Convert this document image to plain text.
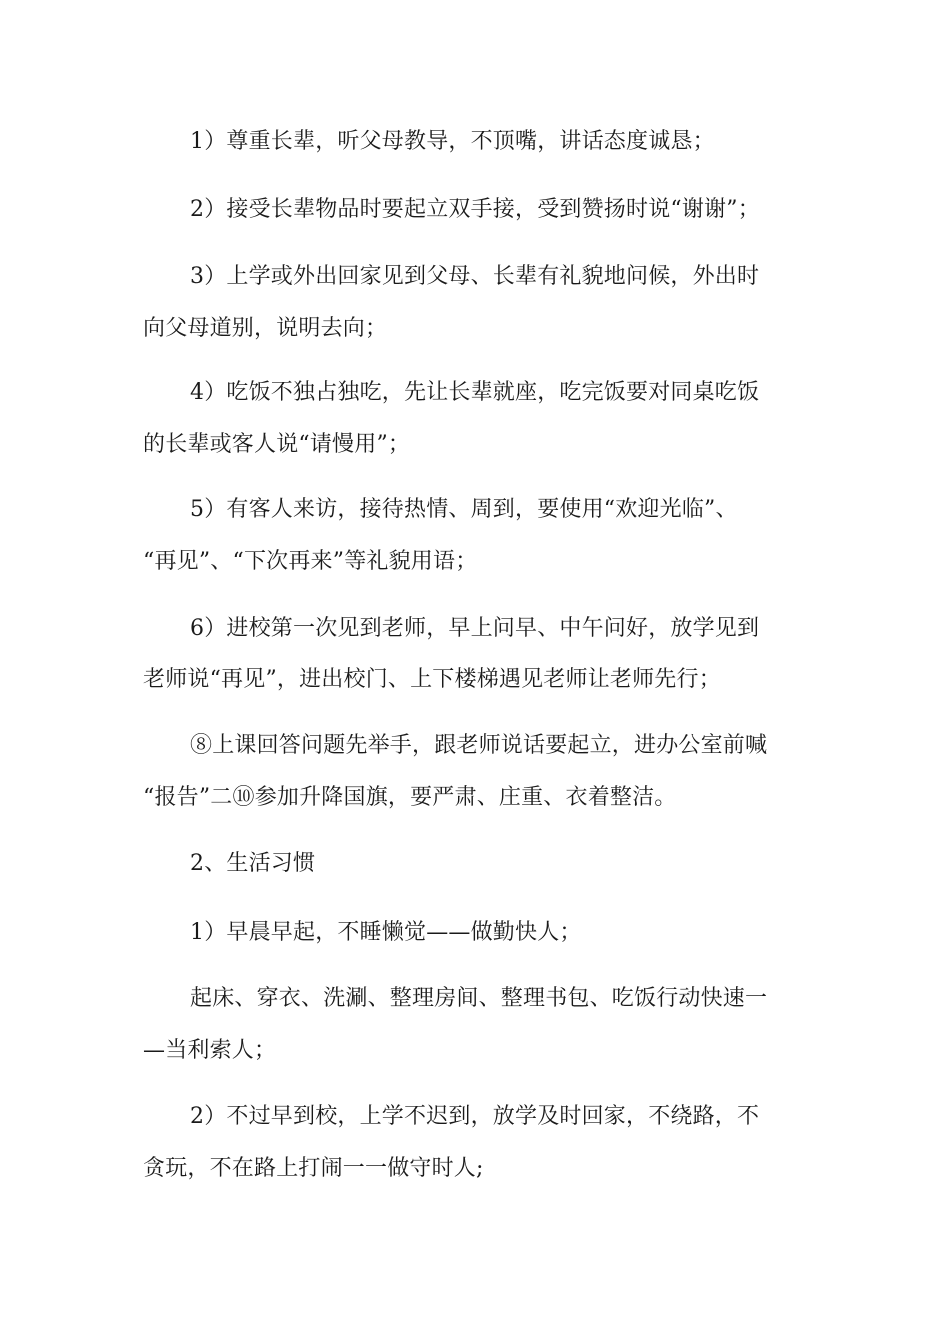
1）尊重长辈，听父母教导，不顶嘴，讲话态度诚恳；
2）接受长辈物品时要起立双手接，受到赞扬时说“谢谢”；
3）上学或外出回家见到父母、长辈有礼貌地问候，外出时
向父母道别，说明去向；
4）吃饭不独占独吃，先让长辈就座，吃完饭要对同桌吃饭
的长辈或客人说“请慢用”；
5）有客人来访，接待热情、周到，要使用“欢迎光临”、
“再见”、“下次再来”等礼貌用语；
6）进校第一次见到老师，早上问早、中午问好，放学见到
老师说“再见”，进出校门、上下楼梯遇见老师让老师先行；
⑧上课回答问题先举手，跟老师说话要起立，进办公室前喊
“报告”二⑩参加升降国旗，要严肃、庄重、衣着整洁。
2、生活习惯
1）早晨早起，不睡懒觉——做勤快人；
起床、穿衣、洗涮、整理房间、整理书包、吃饭行动快速一
—当利索人；
2）不过早到校，上学不迟到，放学及时回家，不绕路，不
贪玩，不在路上打闹一一做守时人;
